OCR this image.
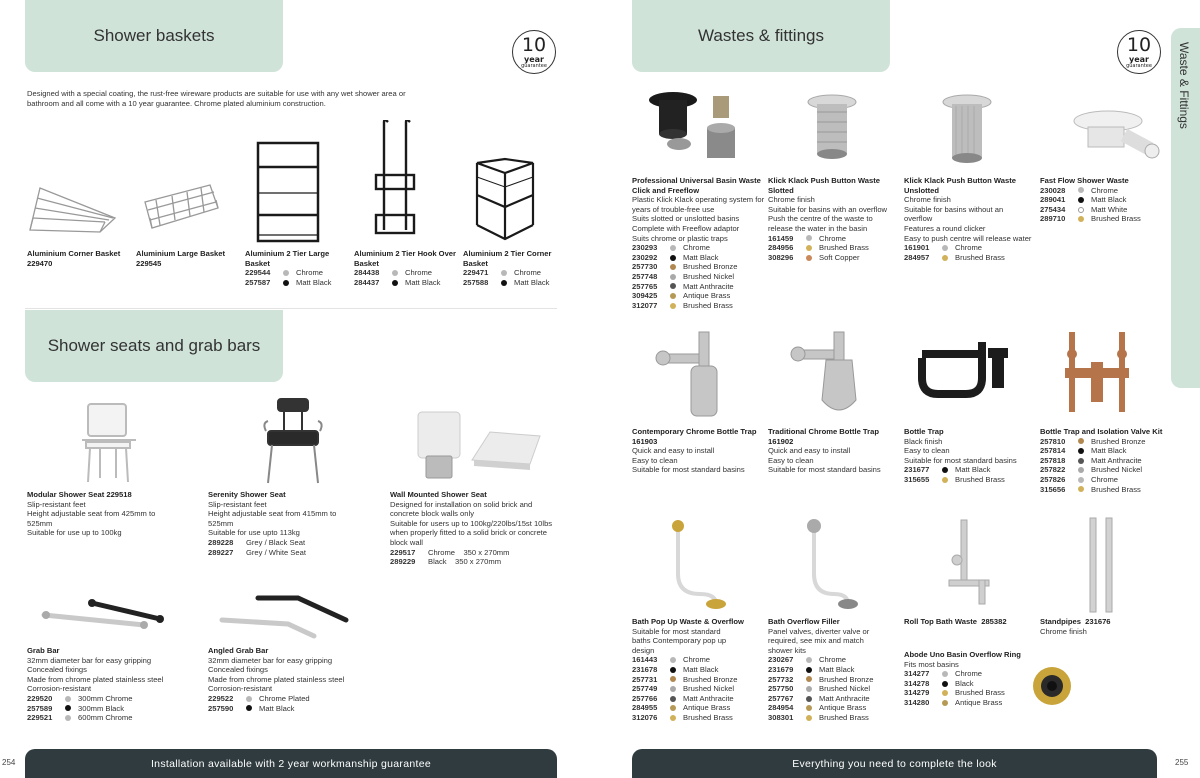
Shower baskets	10
year
guarantee

Designed with a special coating, the rust-free wireware products are suitable for use with any wet shower area or bathroom and all come with a 10 year guarantee. Chrome plated aluminium construction.

Aluminium Corner Basket 229470
Aluminium Large Basket 229545
Aluminium 2 Tier Large Basket
229544	Chrome
257587	Matt Black
Aluminium 2 Tier Hook Over Basket
284438	Chrome
284437	Matt Black
Aluminium 2 Tier Corner Basket
229471	Chrome
257588	Matt Black
Shower seats and grab bars
Modular Shower Seat 229518
Slip-resistant feet
Height adjustable seat from 425mm to 525mm
Suitable for use up to 100kg
Serenity Shower Seat
Slip-resistant feet
Height adjustable seat from 415mm to 525mm
Suitable for use upto 113kg
289228	Grey / Black Seat
289227	Grey / White Seat
Wall Mounted Shower Seat
Designed for installation on solid brick and concrete block walls only
Suitable for users up to 100kg/220lbs/15st 10lbs when properly fitted to a solid brick or concrete block wall
229517	Chrome    350 x 270mm
289229	Black    350 x 270mm
Grab Bar
32mm diameter bar for easy gripping
Concealed fixings
Made from chrome plated stainless steel
Corrosion-resistant
229520	300mm Chrome
257589	300mm Black
229521	600mm Chrome
Angled Grab Bar
32mm diameter bar for easy gripping
Concealed fixings
Made from chrome plated stainless steel
Corrosion-resistant
229522	Chrome Plated
257590	Matt Black
Installation available with 2 year workmanship guarantee
254
Wastes & fittings	10
year
guarantee
Professional Universal Basin Waste Click and Freeflow
Plastic Klick Klack operating system for years of trouble-free use
Suits slotted or unslotted basins
Complete with Freeflow adaptor
Suits chrome or plastic traps
230293	Chrome
230292	Matt Black
257730	Brushed Bronze
257748	Brushed Nickel
257765	Matt Anthracite
309425	Antique Brass
312077	Brushed Brass
Klick Klack Push Button Waste Slotted
Chrome finish
Suitable for basins with an overflow
Push the centre of the waste to release the water in the basin
161459	Chrome
284956	Brushed Brass
308296	Soft Copper
Klick Klack Push Button Waste Unslotted
Chrome finish
Suitable for basins without an overflow
Features a round clicker
Easy to push centre will release water
161901	Chrome
284957	Brushed Brass
Fast Flow Shower Waste
230028	Chrome
289041	Matt Black
275434	Matt White
289710	Brushed Brass
Contemporary Chrome Bottle Trap 161903
Quick and easy to install
Easy to clean
Suitable for most standard basins
Traditional Chrome Bottle Trap 161902
Quick and easy to install
Easy to clean
Suitable for most standard basins
Bottle Trap
Black finish
Easy to clean
Suitable for most standard basins
231677	Matt Black
315655	Brushed Brass
Bottle Trap and Isolation Valve Kit
257810	Brushed Bronze
257814	Matt Black
257818	Matt Anthracite
257822	Brushed Nickel
257826	Chrome
315656	Brushed Brass
Bath Pop Up Waste & Overflow
Suitable for most standard baths Contemporary pop up design
161443	Chrome
231678	Matt Black
257731	Brushed Bronze
257749	Brushed Nickel
257766	Matt Anthracite
284955	Antique Brass
312076	Brushed Brass
Bath Overflow Filler
Panel valves, diverter valve or required, see mix and match shower kits
230267	Chrome
231679	Matt Black
257732	Brushed Bronze
257750	Brushed Nickel
257767	Matt Anthracite
284954	Antique Brass
308301	Brushed Brass
Roll Top Bath Waste 285382	Standpipes 231676
Chrome finish
Abode Uno Basin Overflow Ring
Fits most basins
314277	Chrome
314278	Black
314279	Brushed Brass
314280	Antique Brass
Everything you need to complete the look	255
Waste & Fittings
